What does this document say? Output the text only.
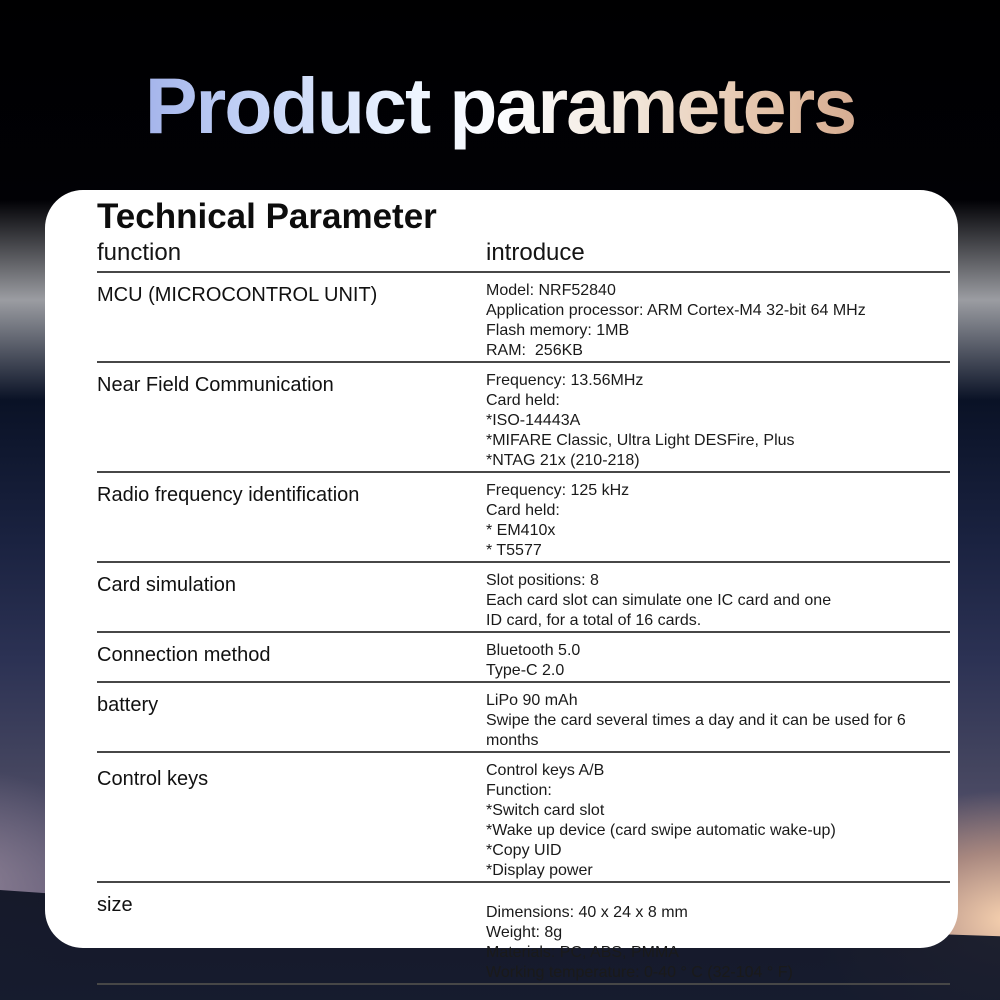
Product parameters
Technical Parameter
function	introduce
MCU (MICROCONTROL UNIT)	Model: NRF52840
Application processor: ARM Cortex-M4 32-bit 64 MHz
Flash memory: 1MB
RAM:  256KB
Near Field Communication	Frequency: 13.56MHz
Card held:
*ISO-14443A
*MIFARE Classic, Ultra Light DESFire, Plus
*NTAG 21x (210-218)
Radio frequency identification	Frequency: 125 kHz
Card held:
* EM410x
* T5577
Card simulation	Slot positions: 8
Each card slot can simulate one IC card and one
ID card, for a total of 16 cards.
Connection method	Bluetooth 5.0
Type-C 2.0
battery	LiPo 90 mAh
Swipe the card several times a day and it can be used for 6 months
Control keys	Control keys A/B
Function:
*Switch card slot
*Wake up device (card swipe automatic wake-up)
*Copy UID
*Display power
size	Dimensions: 40 x 24 x 8 mm
Weight: 8g
Materials: PC, ABS, PMMA
Working temperature: 0-40 ° C (32-104 ° F)
